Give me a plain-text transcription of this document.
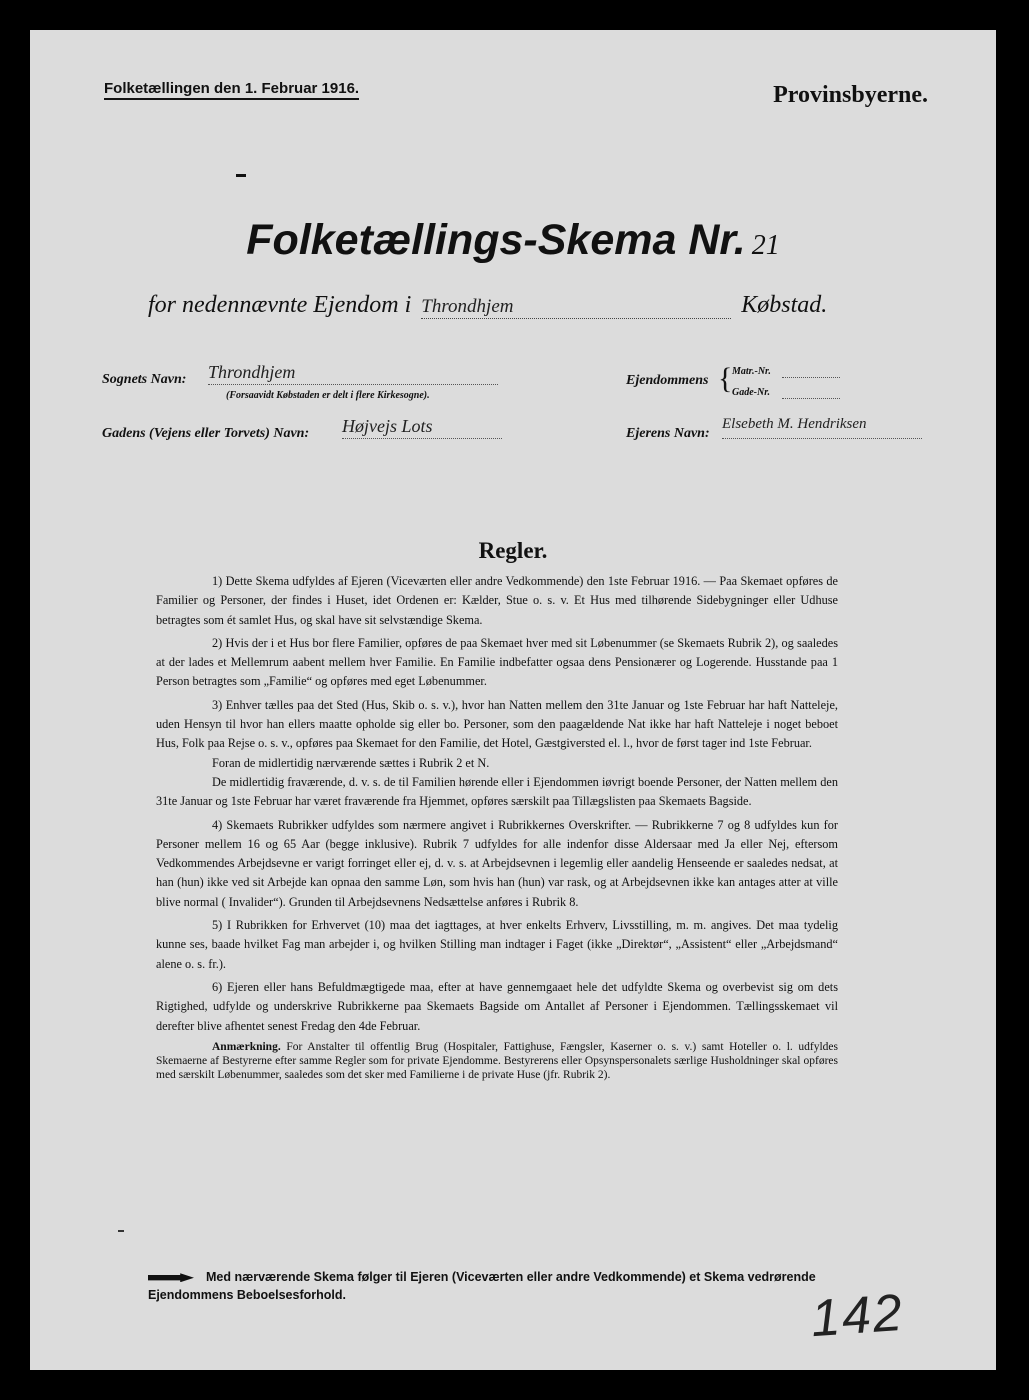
Folketællingen den 1. Februar 1916.	Provinsbyerne.
Folketællings-Skema Nr. 21
for nedennævnte Ejendom i Throndhjem	Købstad.
Sognets Navn: Throndhjem
(Forsaavidt Købstaden er delt i flere Kirkesogne).
Ejendommens { Matr.-Nr.
Gade-Nr.
Gadens (Vejens eller Torvets) Navn: Højvejs Lots	Ejerens Navn:
Elsebeth M. Hendriksen
Regler.

1) Dette Skema udfyldes af Ejeren (Viceværten eller andre Vedkommende) den 1ste Februar 1916. — Paa Skemaet opføres de Familier og Personer, der findes i Huset, idet Ordenen er: Kælder, Stue o. s. v. Et Hus med tilhørende Sidebygninger eller Udhuse betragtes som ét samlet Hus, og skal have sit selvstændige Skema.

2) Hvis der i et Hus bor flere Familier, opføres de paa Skemaet hver med sit Løbenummer (se Skemaets Rubrik 2), og saaledes at der lades et Mellemrum aabent mellem hver Familie. En Familie indbefatter ogsaa dens Pensionærer og Logerende. Husstande paa 1 Person betragtes som „Familie“ og opføres med eget Løbenummer.

3) Enhver tælles paa det Sted (Hus, Skib o. s. v.), hvor han Natten mellem den 31te Januar og 1ste Februar har haft Natteleje, uden Hensyn til hvor han ellers maatte opholde sig eller bo. Personer, som den paagældende Nat ikke har haft Natteleje i noget beboet Hus, Folk paa Rejse o. s. v., opføres paa Skemaet for den Familie, det Hotel, Gæstgiversted el. l., hvor de først tager ind 1ste Februar.

Foran de midlertidig nærværende sættes i Rubrik 2 et N.

De midlertidig fraværende, d. v. s. de til Familien hørende eller i Ejendommen iøvrigt boende Personer, der Natten mellem den 31te Januar og 1ste Februar har været fraværende fra Hjemmet, opføres særskilt paa Tillægslisten paa Skemaets Bagside.

4) Skemaets Rubrikker udfyldes som nærmere angivet i Rubrikkernes Overskrifter. — Rubrikkerne 7 og 8 udfyldes kun for Personer mellem 16 og 65 Aar (begge inklusive). Rubrik 7 udfyldes for alle indenfor disse Aldersaar med Ja eller Nej, eftersom Vedkommendes Arbejdsevne er varigt forringet eller ej, d. v. s. at Arbejdsevnen i legemlig eller aandelig Henseende er saaledes nedsat, at han (hun) ikke ved sit Arbejde kan opnaa den samme Løn, som hvis han (hun) var rask, og at Arbejdsevnen ikke kan antages atter at ville blive normal ( Invalider“). Grunden til Arbejdsevnens Nedsættelse anføres i Rubrik 8.

5) I Rubrikken for Erhvervet (10) maa det iagttages, at hver enkelts Erhverv, Livsstilling, m. m. angives. Det maa tydelig kunne ses, baade hvilket Fag man arbejder i, og hvilken Stilling man indtager i Faget (ikke „Direktør“, „Assistent“ eller „Arbejdsmand“ alene o. s. fr.).

6) Ejeren eller hans Befuldmægtigede maa, efter at have gennemgaaet hele det udfyldte Skema og overbevist sig om dets Rigtighed, udfylde og underskrive Rubrikkerne paa Skemaets Bagside om Antallet af Personer i Ejendommen. Tællingsskemaet vil derefter blive afhentet senest Fredag den 4de Februar.

Anmærkning. For Anstalter til offentlig Brug (Hospitaler, Fattighuse, Fængsler, Kaserner o. s. v.) samt Hoteller o. l. udfyldes Skemaerne af Bestyrerne efter samme Regler som for private Ejendomme. Bestyrerens eller Opsynspersonalets særlige Husholdninger skal opføres med særskilt Løbenummer, saaledes som det sker med Familierne i de private Huse (jfr. Rubrik 2).

Med nærværende Skema følger til Ejeren (Viceværten eller andre Vedkommende) et Skema vedrørende Ejendommens Beboelsesforhold.	142
